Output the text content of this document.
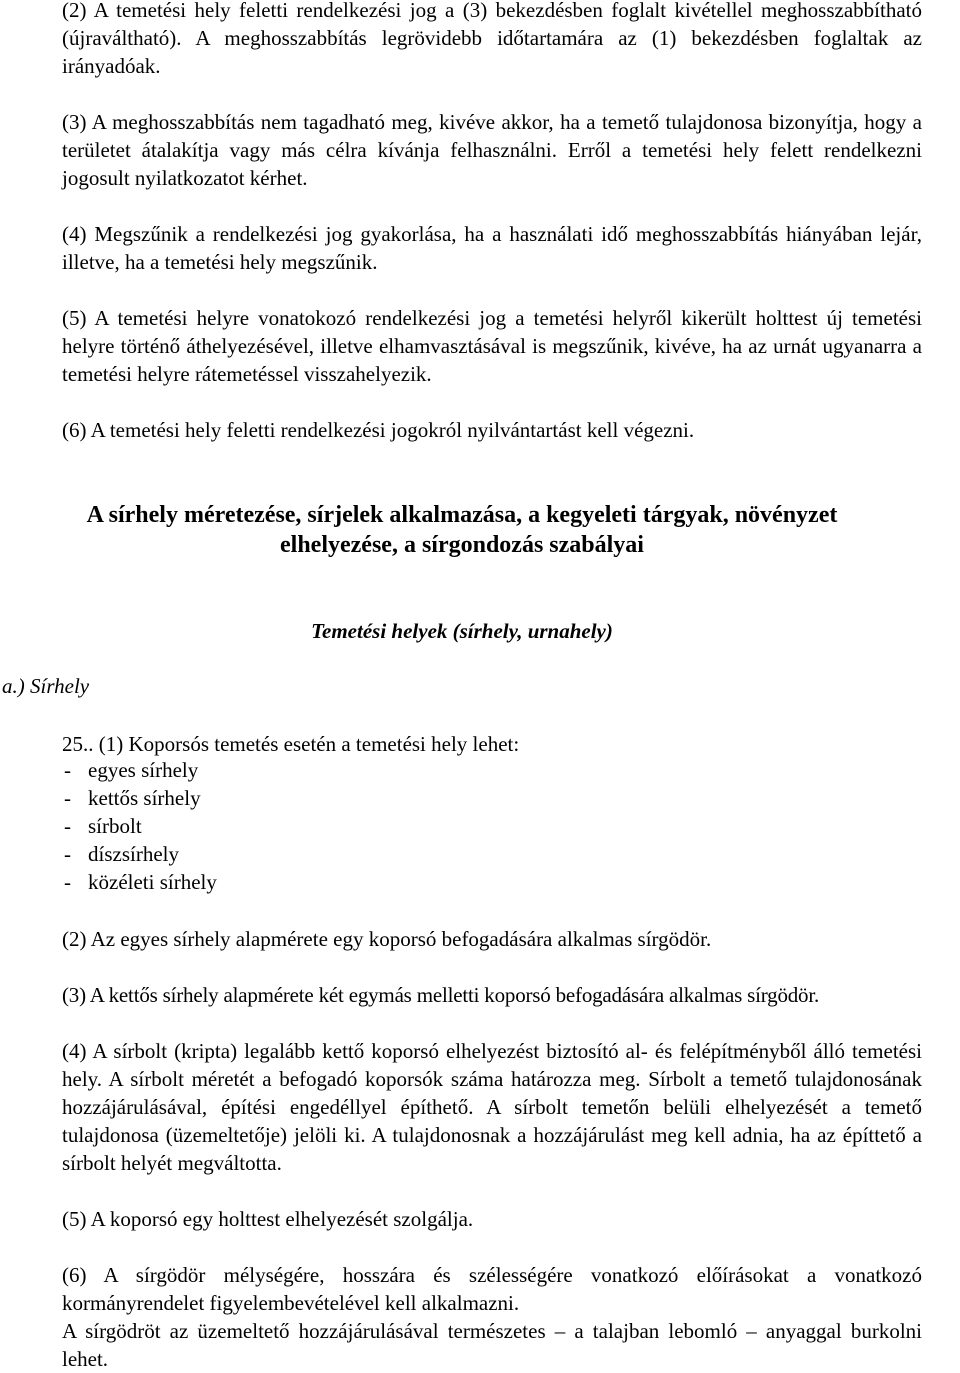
(2) A temetési hely feletti rendelkezési jog a (3) bekezdésben foglalt kivétellel meghosszabbítható (újraváltható). A meghosszabbítás legrövidebb időtartamára az (1) bekezdésben foglaltak az irányadóak.

(3) A meghosszabbítás nem tagadható meg, kivéve akkor, ha a temető tulajdonosa bizonyítja, hogy a területet átalakítja vagy más célra kívánja felhasználni. Erről a temetési hely felett rendelkezni jogosult nyilatkozatot kérhet.

(4) Megszűnik a rendelkezési jog gyakorlása, ha a használati idő meghosszabbítás hiányában lejár, illetve, ha a temetési hely megszűnik.

(5) A temetési helyre vonatokozó rendelkezési jog a temetési helyről kikerült holttest új temetési helyre történő áthelyezésével, illetve elhamvasztásával is megszűnik, kivéve, ha az urnát ugyanarra a temetési helyre rátemetéssel visszahelyezik.

(6) A temetési hely feletti rendelkezési jogokról nyilvántartást kell végezni.

A sírhely méretezése, sírjelek alkalmazása, a kegyeleti tárgyak, növényzet
elhelyezése, a sírgondozás szabályai
Temetési helyek (sírhely, urnahely)

a.) Sírhely

25.. (1) Koporsós temetés esetén a temetési hely lehet:

- egyes sírhely
- kettős sírhely
- sírbolt
- díszsírhely
- közéleti sírhely

(2) Az egyes sírhely alapmérete egy koporsó befogadására alkalmas sírgödör.

(3) A kettős sírhely alapmérete két egymás melletti koporsó befogadására alkalmas sírgödör.

(4) A sírbolt (kripta) legalább kettő koporsó elhelyezést biztosító al- és felépítményből álló temetési hely. A sírbolt méretét a befogadó koporsók száma határozza meg. Sírbolt a temető tulajdonosának hozzájárulásával, építési engedéllyel építhető. A sírbolt temetőn belüli elhelyezését a temető tulajdonosa (üzemeltetője) jelöli ki. A tulajdonosnak a hozzájárulást meg kell adnia, ha az építtető a sírbolt helyét megváltotta.

(5) A koporsó egy holttest elhelyezését szolgálja.

(6) A sírgödör mélységére, hosszára és szélességére vonatkozó előírásokat a vonatkozó kormányrendelet figyelembevételével kell alkalmazni.

A sírgödröt az üzemeltető hozzájárulásával természetes – a talajban lebomló – anyaggal burkolni lehet.
